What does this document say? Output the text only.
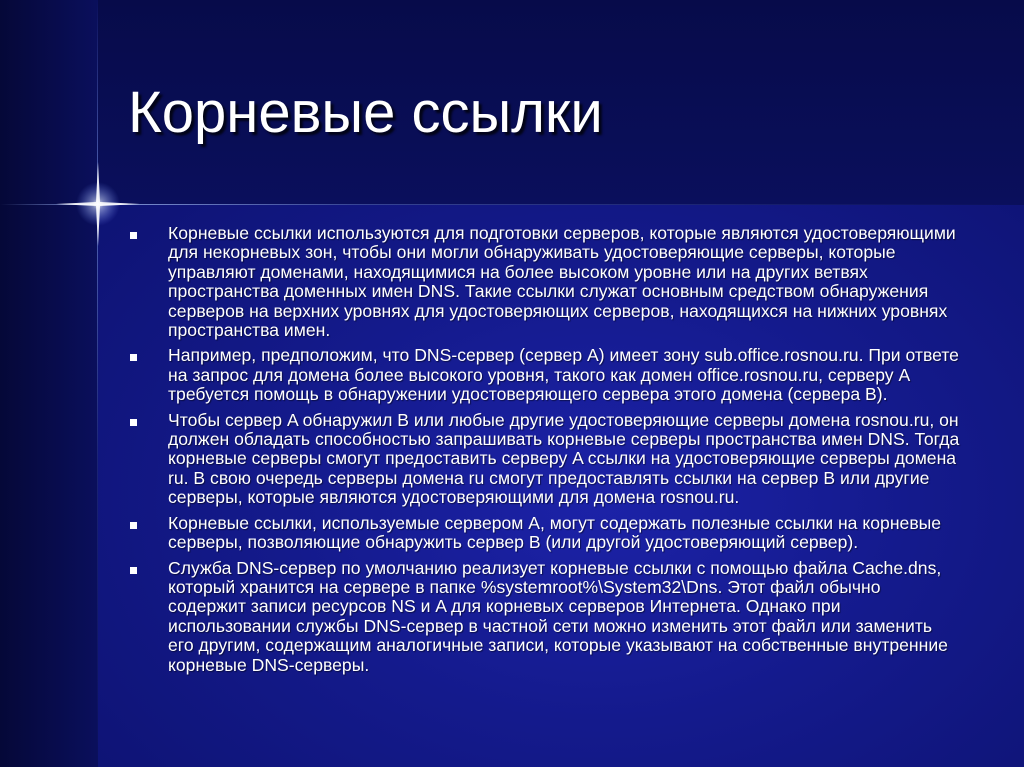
Корневые ссылки
Корневые ссылки используются для подготовки серверов, которые являются удостоверяющими для некорневых зон, чтобы они могли обнаруживать удостоверяющие серверы, которые управляют доменами, находящимися на более высоком уровне или на других ветвях пространства доменных имен DNS. Такие ссылки служат основным средством обнаружения серверов на верхних уровнях для удостоверяющих серверов, находящихся на нижних уровнях пространства имен.
Например, предположим, что DNS-сервер (сервер A) имеет зону sub.office.rosnou.ru. При ответе на запрос для домена более высокого уровня, такого как домен office.rosnou.ru, серверу A требуется помощь в обнаружении удостоверяющего сервера этого домена (сервера B).
Чтобы сервер A обнаружил B или любые другие удостоверяющие серверы домена rosnou.ru, он должен обладать способностью запрашивать корневые серверы пространства имен DNS. Тогда корневые серверы смогут предоставить серверу A ссылки на удостоверяющие серверы домена ru. В свою очередь серверы домена ru смогут предоставлять ссылки на сервер B или другие серверы, которые являются удостоверяющими для домена rosnou.ru.
Корневые ссылки, используемые сервером A, могут содержать полезные ссылки на корневые серверы, позволяющие обнаружить сервер B (или другой удостоверяющий сервер).
Служба DNS-сервер по умолчанию реализует корневые ссылки с помощью файла Cache.dns, который хранится на сервере в папке %systemroot%\System32\Dns. Этот файл обычно содержит записи ресурсов NS и A для корневых серверов Интернета. Однако при использовании службы DNS-сервер в частной сети можно изменить этот файл или заменить его другим, содержащим аналогичные записи, которые указывают на собственные внутренние корневые DNS-серверы.
